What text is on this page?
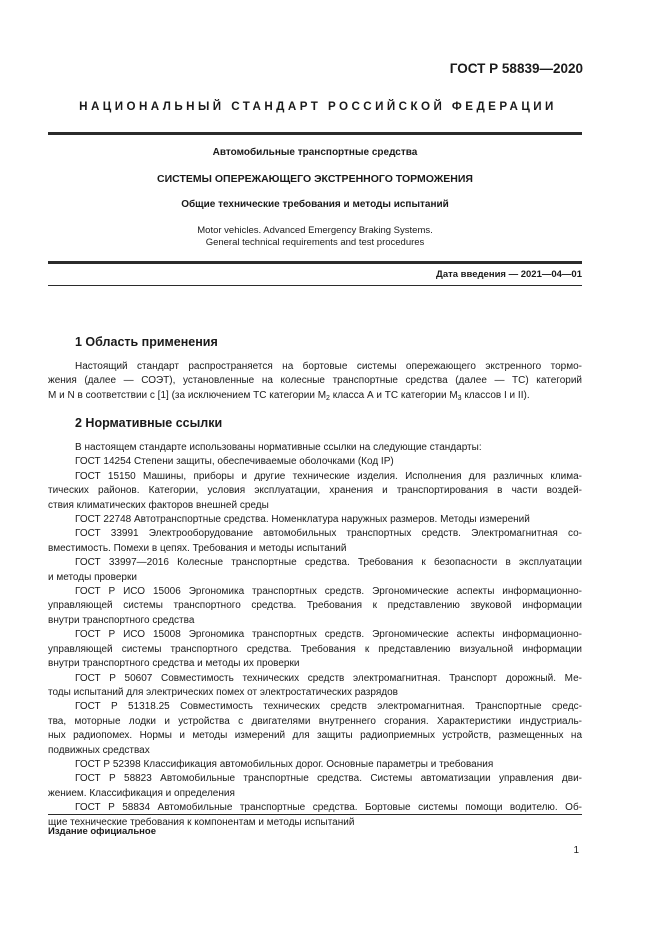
ГОСТ Р 58839—2020
НАЦИОНАЛЬНЫЙ СТАНДАРТ РОССИЙСКОЙ ФЕДЕРАЦИИ
Автомобильные транспортные средства
СИСТЕМЫ ОПЕРЕЖАЮЩЕГО ЭКСТРЕННОГО ТОРМОЖЕНИЯ
Общие технические требования и методы испытаний
Motor vehicles. Advanced Emergency Braking Systems.
General technical requirements and test procedures
Дата введения — 2021—04—01
1 Область применения

Настоящий стандарт распространяется на бортовые системы опережающего экстренного тормо-

жения (далее — СОЭТ), установленные на колесные транспортные средства (далее — ТС) категорий

M и N в соответствии с [1] (за исключением ТС категории $M_2$ класса А и ТС категории $M_3$ классов I и II).

2 Нормативные ссылки

В настоящем стандарте использованы нормативные ссылки на следующие стандарты:

ГОСТ 14254 Степени защиты, обеспечиваемые оболочками (Код IP)

ГОСТ 15150 Машины, приборы и другие технические изделия. Исполнения для различных клима-

тических районов. Категории, условия эксплуатации, хранения и транспортирования в части воздей-

ствия климатических факторов внешней среды

ГОСТ 22748 Автотранспортные средства. Номенклатура наружных размеров. Методы измерений

ГОСТ 33991 Электрооборудование автомобильных транспортных средств. Электромагнитная со-

вместимость. Помехи в цепях. Требования и методы испытаний

ГОСТ 33997—2016 Колесные транспортные средства. Требования к безопасности в эксплуатации

и методы проверки

ГОСТ Р ИСО 15006 Эргономика транспортных средств. Эргономические аспекты информационно-

управляющей системы транспортного средства. Требования к представлению звуковой информации

внутри транспортного средства

ГОСТ Р ИСО 15008 Эргономика транспортных средств. Эргономические аспекты информационно-

управляющей системы транспортного средства. Требования к представлению визуальной информации

внутри транспортного средства и методы их проверки

ГОСТ Р 50607 Совместимость технических средств электромагнитная. Транспорт дорожный. Ме-

тоды испытаний для электрических помех от электростатических разрядов

ГОСТ Р 51318.25 Совместимость технических средств электромагнитная. Транспортные средс-

тва, моторные лодки и устройства с двигателями внутреннего сгорания. Характеристики индустриаль-

ных радиопомех. Нормы и методы измерений для защиты радиоприемных устройств, размещенных на

подвижных средствах

ГОСТ Р 52398 Классификация автомобильных дорог. Основные параметры и требования

ГОСТ Р 58823 Автомобильные транспортные средства. Системы автоматизации управления дви-

жением. Классификация и определения

ГОСТ Р 58834 Автомобильные транспортные средства. Бортовые системы помощи водителю. Об-

щие технические требования к компонентам и методы испытаний

Издание официальное
1
